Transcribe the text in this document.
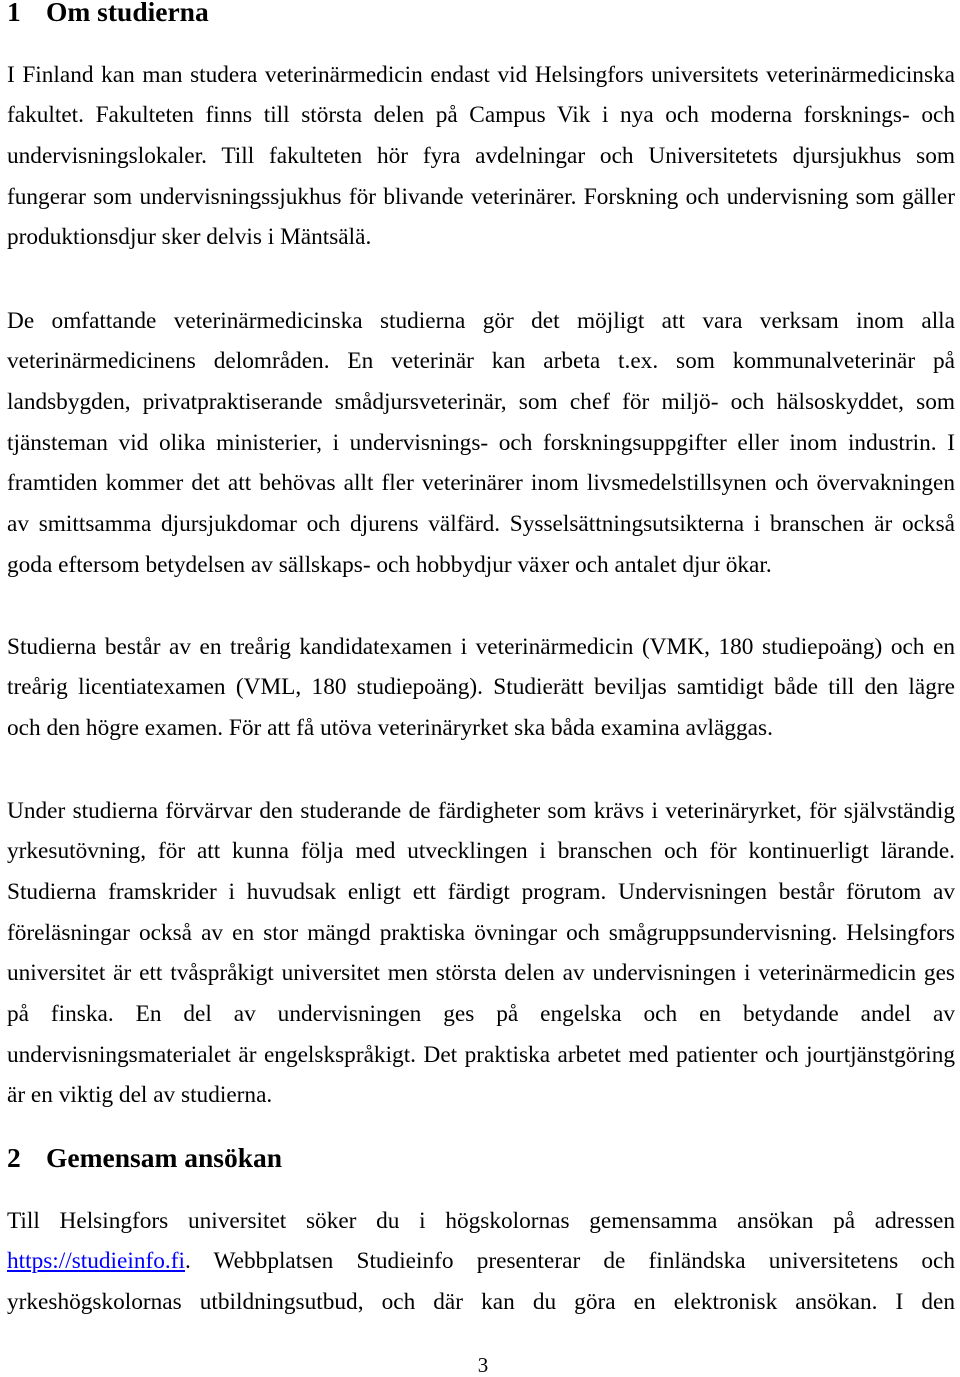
1 Om studierna
I Finland kan man studera veterinärmedicin endast vid Helsingfors universitets veterinärmedicinska
fakultet. Fakulteten finns till största delen på Campus Vik i nya och moderna forsknings- och
undervisningslokaler. Till fakulteten hör fyra avdelningar och Universitetets djursjukhus som
fungerar som undervisningssjukhus för blivande veterinärer. Forskning och undervisning som gäller
produktionsdjur sker delvis i Mäntsälä.
De omfattande veterinärmedicinska studierna gör det möjligt att vara verksam inom alla
veterinärmedicinens delområden. En veterinär kan arbeta t.ex. som kommunalveterinär på
landsbygden, privatpraktiserande smådjursveterinär, som chef för miljö- och hälsoskyddet, som
tjänsteman vid olika ministerier, i undervisnings- och forskningsuppgifter eller inom industrin. I
framtiden kommer det att behövas allt fler veterinärer inom livsmedelstillsynen och övervakningen
av smittsamma djursjukdomar och djurens välfärd. Sysselsättningsutsikterna i branschen är också
goda eftersom betydelsen av sällskaps- och hobbydjur växer och antalet djur ökar.
Studierna består av en treårig kandidatexamen i veterinärmedicin (VMK, 180 studiepoäng) och en
treårig licentiatexamen (VML, 180 studiepoäng). Studierätt beviljas samtidigt både till den lägre
och den högre examen. För att få utöva veterinäryrket ska båda examina avläggas.
Under studierna förvärvar den studerande de färdigheter som krävs i veterinäryrket, för självständig
yrkesutövning, för att kunna följa med utvecklingen i branschen och för kontinuerligt lärande.
Studierna framskrider i huvudsak enligt ett färdigt program. Undervisningen består förutom av
föreläsningar också av en stor mängd praktiska övningar och smågruppsundervisning. Helsingfors
universitet är ett tvåspråkigt universitet men största delen av undervisningen i veterinärmedicin ges
på finska. En del av undervisningen ges på engelska och en betydande andel av
undervisningsmaterialet är engelskspråkigt. Det praktiska arbetet med patienter och jourtjänstgöring
är en viktig del av studierna.
2 Gemensam ansökan
Till Helsingfors universitet söker du i högskolornas gemensamma ansökan på adressen
https://studieinfo.fi. Webbplatsen Studieinfo presenterar de finländska universitetens och
yrkeshögskolornas utbildningsutbud, och där kan du göra en elektronisk ansökan. I den
3
